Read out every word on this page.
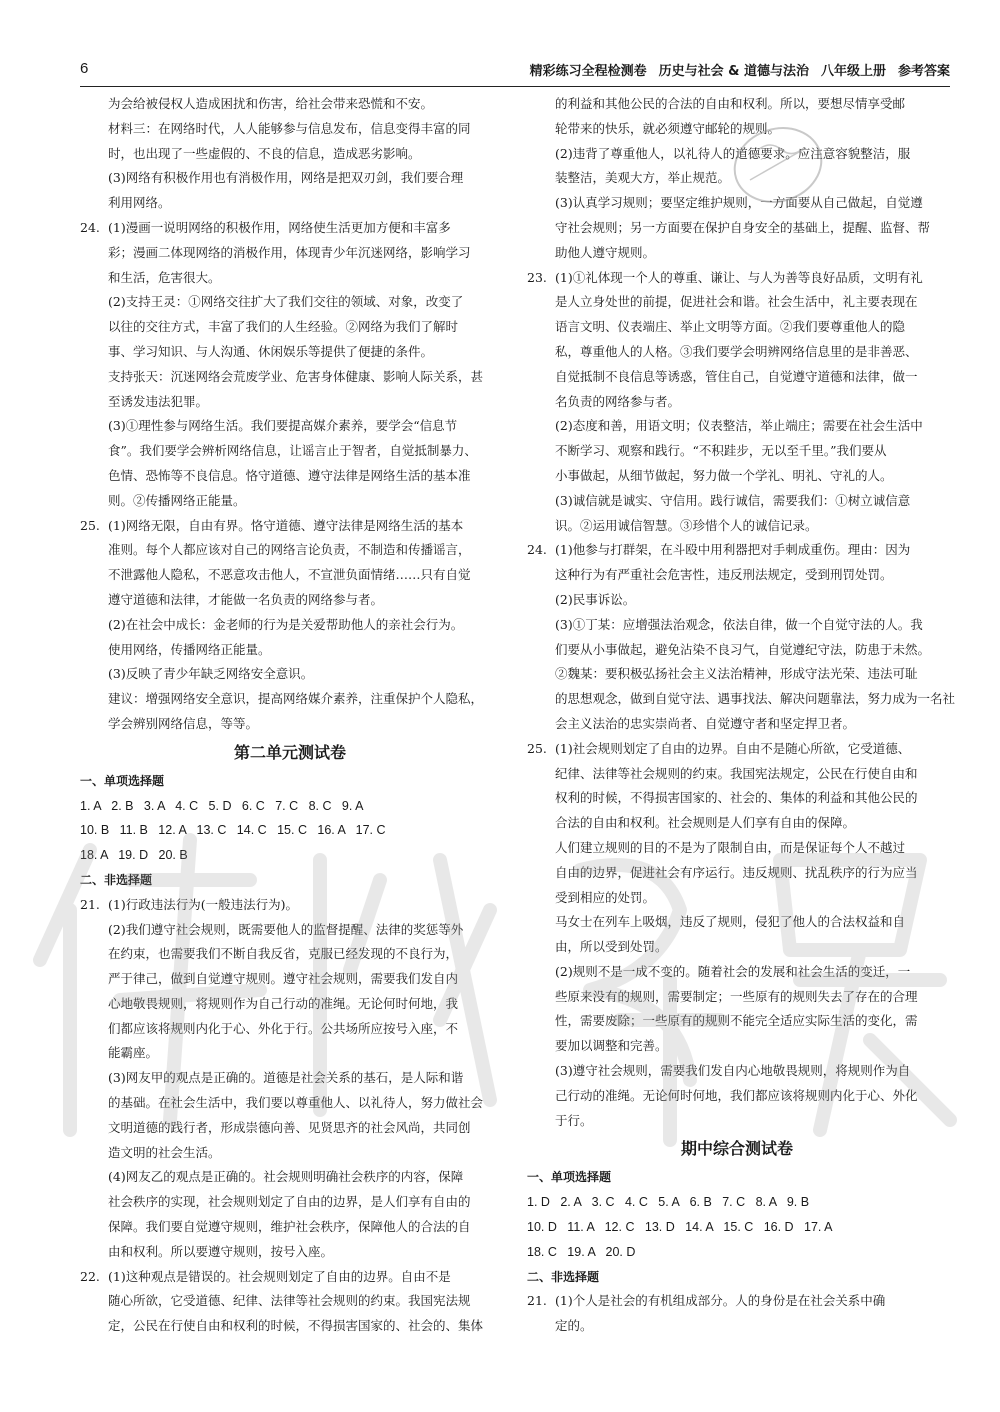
6	精彩练习全程检测卷 历史与社会 & 道德与法治 八年级上册 参考答案
为会给被侵权人造成困扰和伤害，给社会带来恐慌和不安。
材料三：在网络时代，人人能够参与信息发布，信息变得丰富的同
时，也出现了一些虚假的、不良的信息，造成恶劣影响。
(3)网络有积极作用也有消极作用，网络是把双刃剑，我们要合理
利用网络。
24. (1)漫画一说明网络的积极作用，网络使生活更加方便和丰富多
彩；漫画二体现网络的消极作用，体现青少年沉迷网络，影响学习
和生活，危害很大。
(2)支持王灵：①网络交往扩大了我们交往的领域、对象，改变了
以往的交往方式，丰富了我们的人生经验。②网络为我们了解时
事、学习知识、与人沟通、休闲娱乐等提供了便捷的条件。
支持张天：沉迷网络会荒废学业、危害身体健康、影响人际关系，甚
至诱发违法犯罪。
(3)①理性参与网络生活。我们要提高媒介素养，要学会“信息节
食”。我们要学会辨析网络信息，让谣言止于智者，自觉抵制暴力、
色情、恐怖等不良信息。恪守道德、遵守法律是网络生活的基本准
则。②传播网络正能量。
25. (1)网络无限，自由有界。恪守道德、遵守法律是网络生活的基本
准则。每个人都应该对自己的网络言论负责，不制造和传播谣言，
不泄露他人隐私，不恶意攻击他人，不宣泄负面情绪……只有自觉
遵守道德和法律，才能做一名负责的网络参与者。
(2)在社会中成长：金老师的行为是关爱帮助他人的亲社会行为。
使用网络，传播网络正能量。
(3)反映了青少年缺乏网络安全意识。
建议：增强网络安全意识，提高网络媒介素养，注重保护个人隐私，
学会辨别网络信息，等等。
第二单元测试卷
一、单项选择题
1. A   2. B   3. A   4. C   5. D   6. C   7. C   8. C   9. A
10. B   11. B   12. A   13. C   14. C   15. C   16. A   17. C
18. A   19. D   20. B
二、非选择题
21. (1)行政违法行为(一般违法行为)。
(2)我们遵守社会规则，既需要他人的监督提醒、法律的奖惩等外
在约束，也需要我们不断自我反省，克服已经发现的不良行为，
严于律己，做到自觉遵守规则。遵守社会规则，需要我们发自内
心地敬畏规则，将规则作为自己行动的准绳。无论何时何地，我
们都应该将规则内化于心、外化于行。公共场所应按号入座，不
能霸座。
(3)网友甲的观点是正确的。道德是社会关系的基石，是人际和谐
的基础。在社会生活中，我们要以尊重他人、以礼待人，努力做社会
文明道德的践行者，形成崇德向善、见贤思齐的社会风尚，共同创
造文明的社会生活。
(4)网友乙的观点是正确的。社会规则明确社会秩序的内容，保障
社会秩序的实现，社会规则划定了自由的边界，是人们享有自由的
保障。我们要自觉遵守规则，维护社会秩序，保障他人的合法的自
由和权利。所以要遵守规则，按号入座。
22. (1)这种观点是错误的。社会规则划定了自由的边界。自由不是
随心所欲，它受道德、纪律、法律等社会规则的约束。我国宪法规
定，公民在行使自由和权利的时候，不得损害国家的、社会的、集体
的利益和其他公民的合法的自由和权利。所以，要想尽情享受邮
轮带来的快乐，就必须遵守邮轮的规则。
(2)违背了尊重他人，以礼待人的道德要求。应注意容貌整洁，服
装整洁，美观大方，举止规范。
(3)认真学习规则；要坚定维护规则，一方面要从自己做起，自觉遵
守社会规则；另一方面要在保护自身安全的基础上，提醒、监督、帮
助他人遵守规则。
23. (1)①礼体现一个人的尊重、谦让、与人为善等良好品质，文明有礼
是人立身处世的前提，促进社会和谐。社会生活中，礼主要表现在
语言文明、仪表端庄、举止文明等方面。②我们要尊重他人的隐
私，尊重他人的人格。③我们要学会明辨网络信息里的是非善恶、
自觉抵制不良信息等诱惑，管住自己，自觉遵守道德和法律，做一
名负责的网络参与者。
(2)态度和善，用语文明；仪表整洁，举止端庄；需要在社会生活中
不断学习、观察和践行。“不积跬步，无以至千里。”我们要从
小事做起，从细节做起，努力做一个学礼、明礼、守礼的人。
(3)诚信就是诚实、守信用。践行诚信，需要我们：①树立诚信意
识。②运用诚信智慧。③珍惜个人的诚信记录。
24. (1)他参与打群架，在斗殴中用利器把对手刺成重伤。理由：因为
这种行为有严重社会危害性，违反刑法规定，受到刑罚处罚。
(2)民事诉讼。
(3)①丁某：应增强法治观念，依法自律，做一个自觉守法的人。我
们要从小事做起，避免沾染不良习气，自觉遵纪守法，防患于未然。
②魏某：要积极弘扬社会主义法治精神，形成守法光荣、违法可耻
的思想观念，做到自觉守法、遇事找法、解决问题靠法，努力成为一名社
会主义法治的忠实崇尚者、自觉遵守者和坚定捍卫者。
25. (1)社会规则划定了自由的边界。自由不是随心所欲，它受道德、
纪律、法律等社会规则的约束。我国宪法规定，公民在行使自由和
权利的时候，不得损害国家的、社会的、集体的利益和其他公民的
合法的自由和权利。社会规则是人们享有自由的保障。
人们建立规则的目的不是为了限制自由，而是保证每个人不越过
自由的边界，促进社会有序运行。违反规则、扰乱秩序的行为应当
受到相应的处罚。
马女士在列车上吸烟，违反了规则，侵犯了他人的合法权益和自
由，所以受到处罚。
(2)规则不是一成不变的。随着社会的发展和社会生活的变迁，一
些原来没有的规则，需要制定；一些原有的规则失去了存在的合理
性，需要废除；一些原有的规则不能完全适应实际生活的变化，需
要加以调整和完善。
(3)遵守社会规则，需要我们发自内心地敬畏规则，将规则作为自
己行动的准绳。无论何时何地，我们都应该将规则内化于心、外化
于行。
期中综合测试卷
一、单项选择题
1. D   2. A   3. C   4. C   5. A   6. B   7. C   8. A   9. B
10. D   11. A   12. C   13. D   14. A   15. C   16. D   17. A
18. C   19. A   20. D
二、非选择题
21. (1)个人是社会的有机组成部分。人的身份是在社会关系中确
定的。
